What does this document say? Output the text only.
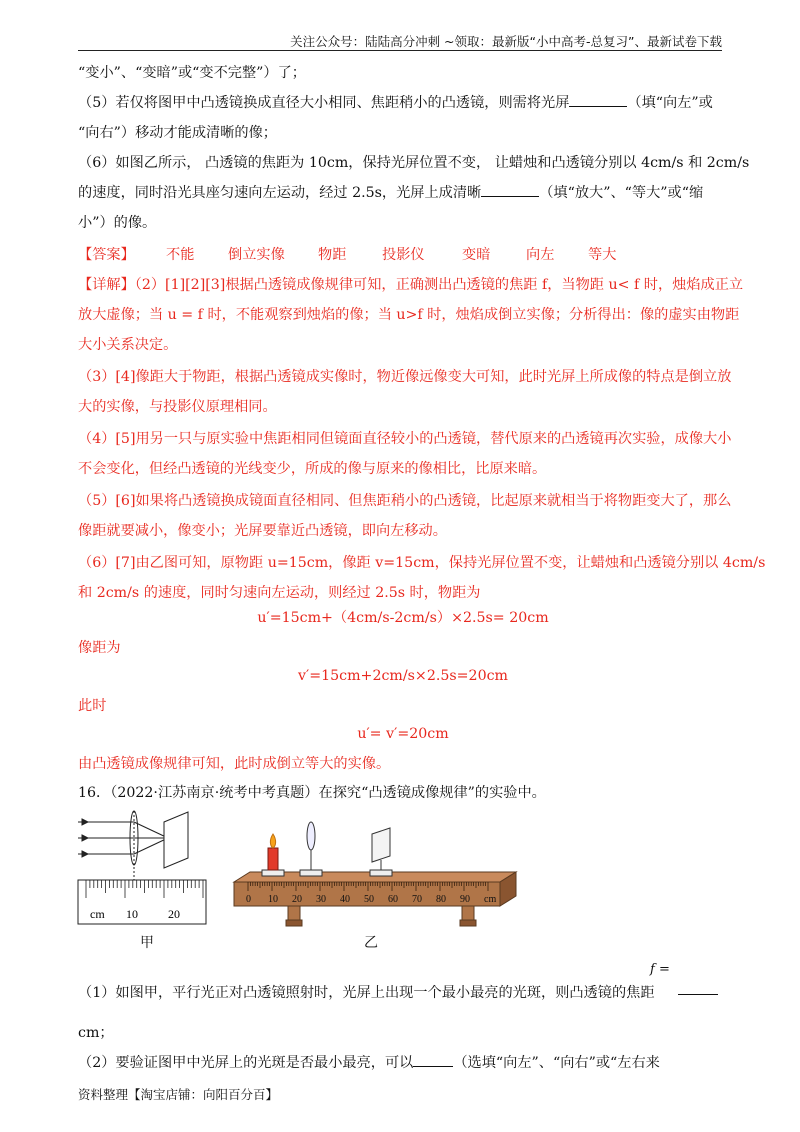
关注公众号：陆陆高分冲刺 ~领取：最新版“小中高考-总复习”、最新试卷下载
“变小”、“变暗”或“变不完整”）了；
（5）若仅将图甲中凸透镜换成直径大小相同、焦距稍小的凸透镜，则需将光屏	（填“向左”或
“向右”）移动才能成清晰的像；
（6）如图乙所示， 凸透镜的焦距为 10cm，保持光屏位置不变， 让蜡烛和凸透镜分别以 4cm/s 和 2cm/s
的速度，同时沿光具座匀速向左运动，经过 2.5s，光屏上成清晰	（填“放大”、“等大”或“缩
小”）的像。
【答案】 不能 倒立实像 物距	投影仪	变暗	向左 等大
【详解】（2）[1][2][3]根据凸透镜成像规律可知，正确测出凸透镜的焦距 f，当物距 u< f 时，烛焰成正立
放大虚像；当 u = f 时，不能观察到烛焰的像；当 u>f 时，烛焰成倒立实像；分析得出：像的虚实由物距
大小关系决定。
（3）[4]像距大于物距，根据凸透镜成实像时，物近像远像变大可知，此时光屏上所成像的特点是倒立放
大的实像，与投影仪原理相同。
（4）[5]用另一只与原实验中焦距相同但镜面直径较小的凸透镜，替代原来的凸透镜再次实验，成像大小
不会变化，但经凸透镜的光线变少，所成的像与原来的像相比，比原来暗。
（5）[6]如果将凸透镜换成镜面直径相同、但焦距稍小的凸透镜，比起原来就相当于将物距变大了，那么
像距就要减小，像变小；光屏要靠近凸透镜，即向左移动。
（6）[7]由乙图可知，原物距 u=15cm，像距 v=15cm，保持光屏位置不变，让蜡烛和凸透镜分别以 4cm/s
和 2cm/s 的速度，同时匀速向左运动，则经过 2.5s 时，物距为
u′=15cm+（4cm/s-2cm/s）×2.5s= 20cm
像距为
v′=15cm+2cm/s×2.5s=20cm
此时
u′= v′=20cm
由凸透镜成像规律可知，此时成倒立等大的实像。
16．（2022·江苏南京·统考中考真题）在探究“凸透镜成像规律”的实验中。
cm 10	20
甲
0 10 20 30 40 50 60 70 80 90 cm
乙
（1）如图甲，平行光正对凸透镜照射时，光屏上出现一个最小最亮的光斑，则凸透镜的焦距
f =
cm；
（2）要验证图甲中光屏上的光斑是否最小最亮，可以	（选填“向左”、“向右”或“左右来
资料整理【淘宝店铺：向阳百分百】
